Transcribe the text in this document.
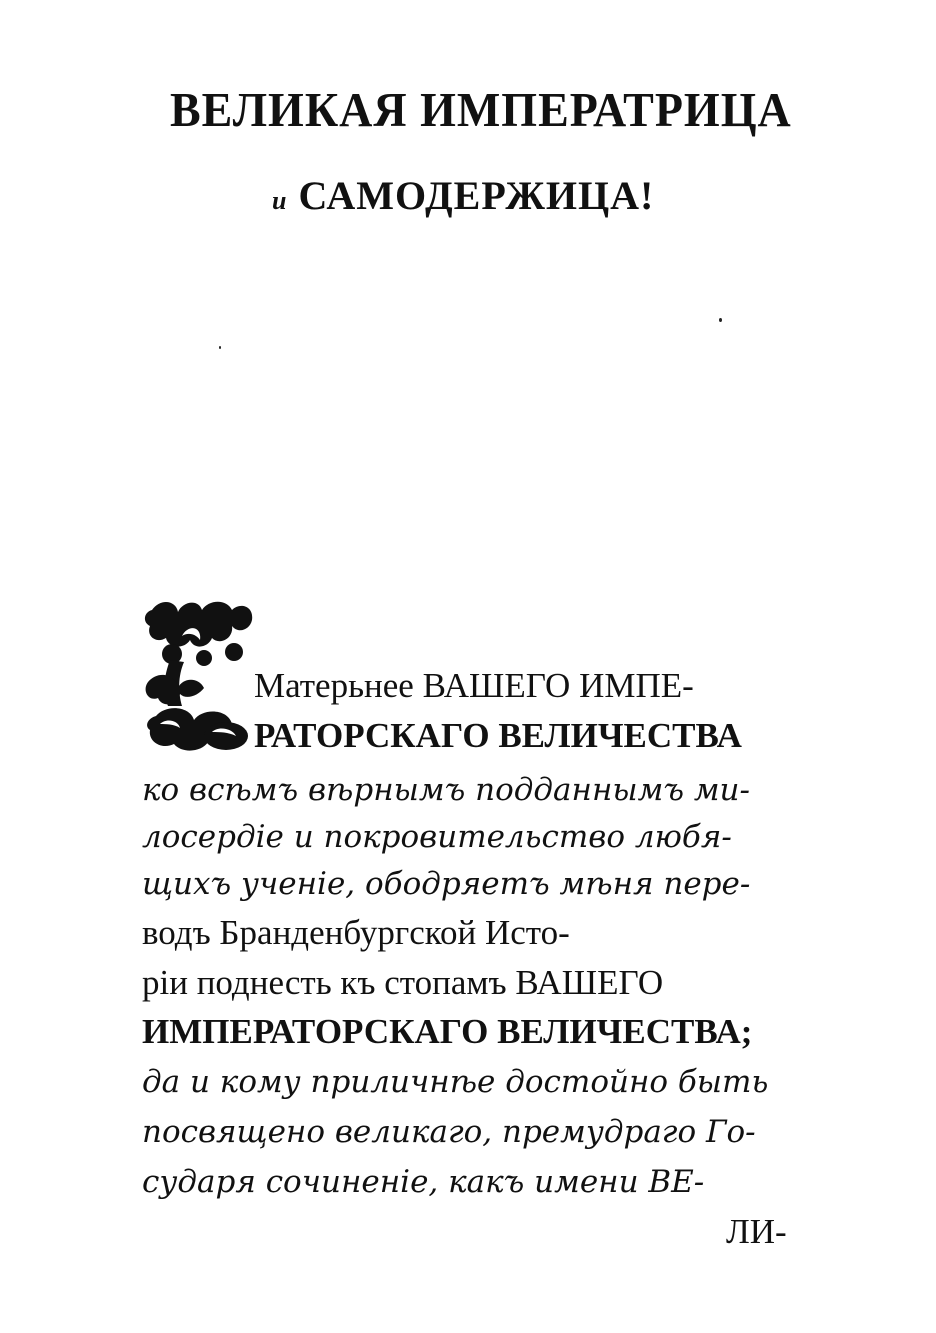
ВЕЛИКАЯ ИМПЕРАТРИЦА
и САМОДЕРЖИЦА!
Матерьнее ВАШЕГО ИМПЕ-
РАТОРСКАГО ВЕЛИЧЕСТВА
ко всѣмъ вѣрнымъ подданнымъ ми-
лосердiе и покровительство любя-
щихъ ученiе, ободряетъ мѣня пере-
водъ Бранденбургской Исто-
рiи поднесть къ стопамъ ВАШЕГО
ИМПЕРАТОРСКАГО ВЕЛИЧЕСТВА;
да и кому приличнѣе достойно быть
посвящено великаго, премудраго Го-
сударя сочиненiе, какъ имени ВЕ-
ЛИ-
